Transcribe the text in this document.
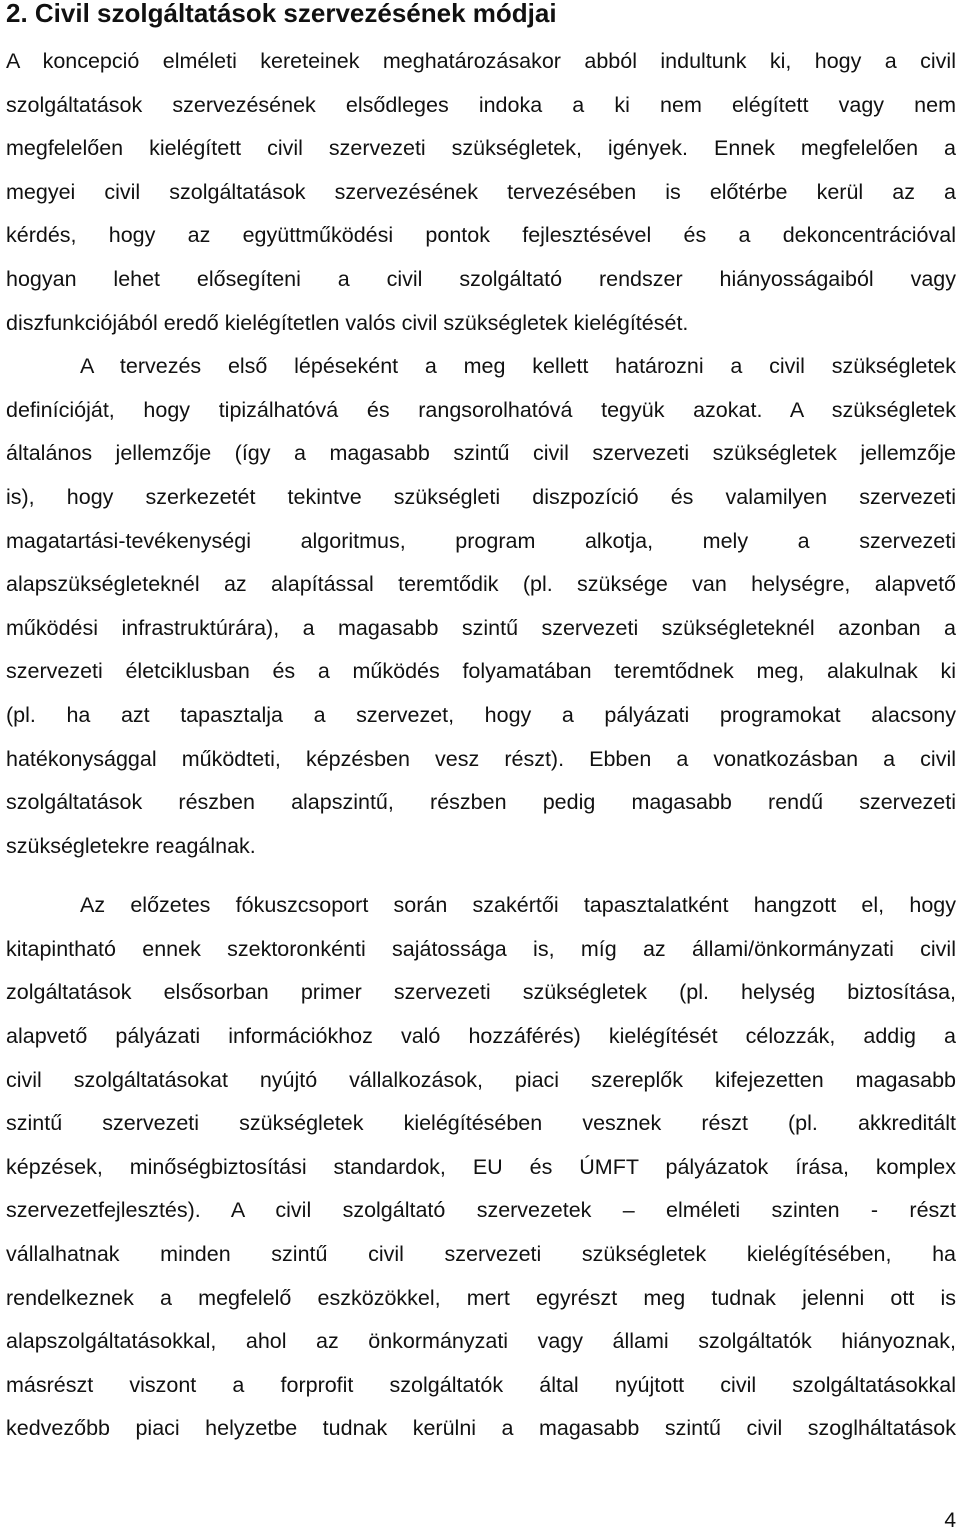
2. Civil szolgáltatások szervezésének módjai
A koncepció elméleti kereteinek meghatározásakor abból indultunk ki, hogy a civil
szolgáltatások szervezésének elsődleges indoka a ki nem elégített vagy nem
megfelelően kielégített civil szervezeti szükségletek, igények. Ennek megfelelően a
megyei civil szolgáltatások szervezésének tervezésében is előtérbe kerül az a
kérdés, hogy az együttműködési pontok fejlesztésével és a dekoncentrációval
hogyan lehet elősegíteni a civil szolgáltató rendszer hiányosságaiból vagy
diszfunkciójából eredő kielégítetlen valós civil szükségletek kielégítését.
A tervezés első lépéseként a meg kellett határozni a civil szükségletek
definícióját, hogy tipizálhatóvá és rangsorolhatóvá tegyük azokat. A szükségletek
általános jellemzője (így a magasabb szintű civil szervezeti szükségletek jellemzője
is), hogy szerkezetét tekintve szükségleti diszpozíció és valamilyen szervezeti
magatartási-tevékenységi algoritmus, program alkotja, mely a szervezeti
alapszükségleteknél az alapítással teremtődik (pl. szüksége van helységre, alapvető
működési infrastruktúrára), a magasabb szintű szervezeti szükségleteknél azonban a
szervezeti életciklusban és a működés folyamatában teremtődnek meg, alakulnak ki
(pl. ha azt tapasztalja a szervezet, hogy a pályázati programokat alacsony
hatékonysággal működteti, képzésben vesz részt). Ebben a vonatkozásban a civil
szolgáltatások részben alapszintű, részben pedig magasabb rendű szervezeti
szükségletekre reagálnak.
Az előzetes fókuszcsoport során szakértői tapasztalatként hangzott el, hogy
kitapintható ennek szektoronkénti sajátossága is, míg az állami/önkormányzati civil
zolgáltatások elsősorban primer szervezeti szükségletek (pl. helység biztosítása,
alapvető pályázati információkhoz való hozzáférés) kielégítését célozzák, addig a
civil szolgáltatásokat nyújtó vállalkozások, piaci szereplők kifejezetten magasabb
szintű szervezeti szükségletek kielégítésében vesznek részt (pl. akkreditált
képzések, minőségbiztosítási standardok, EU és ÚMFT pályázatok írása, komplex
szervezetfejlesztés). A civil szolgáltató szervezetek – elméleti szinten - részt
vállalhatnak minden szintű civil szervezeti szükségletek kielégítésében, ha
rendelkeznek a megfelelő eszközökkel, mert egyrészt meg tudnak jelenni ott is
alapszolgáltatásokkal, ahol az önkormányzati vagy állami szolgáltatók hiányoznak,
másrészt viszont a forprofit szolgáltatók által nyújtott civil szolgáltatásokkal
kedvezőbb piaci helyzetbe tudnak kerülni a magasabb szintű civil szoglháltatások
4
